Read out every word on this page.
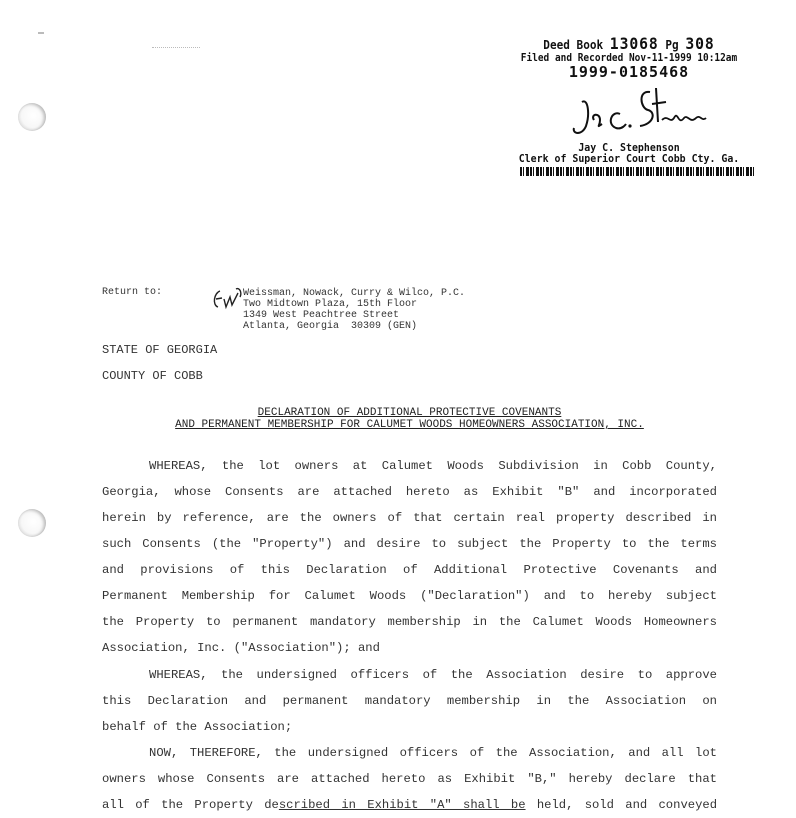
Deed Book 13068 Pg 308
Filed and Recorded Nov-11-1999 10:12am
1999-0185468
Jay C. Stephenson
Clerk of Superior Court Cobb Cty. Ga.
Return to:	Weissman, Nowack, Curry & Wilco, P.C.
Two Midtown Plaza, 15th Floor
1349 West Peachtree Street
Atlanta, Georgia  30309 (GEN)
STATE OF GEORGIA
COUNTY OF COBB
DECLARATION OF ADDITIONAL PROTECTIVE COVENANTS
AND PERMANENT MEMBERSHIP FOR CALUMET WOODS HOMEOWNERS ASSOCIATION, INC.
WHEREAS, the lot owners at Calumet Woods Subdivision in Cobb County,
Georgia, whose Consents are attached hereto as Exhibit "B" and incorporated
herein by reference, are the owners of that certain real property described in
such Consents (the "Property") and desire to subject the Property to the terms
and provisions of this Declaration of Additional Protective Covenants and
Permanent Membership for Calumet Woods ("Declaration") and to hereby subject
the Property to permanent mandatory membership in the Calumet Woods Homeowners
Association, Inc. ("Association"); and
WHEREAS, the undersigned officers of the Association desire to approve
this Declaration and permanent mandatory membership in the Association on
behalf of the Association;
NOW, THEREFORE, the undersigned officers of the Association, and all lot
owners whose Consents are attached hereto as Exhibit "B," hereby declare that
all of the Property described in Exhibit "A" shall be held, sold and conveyed
